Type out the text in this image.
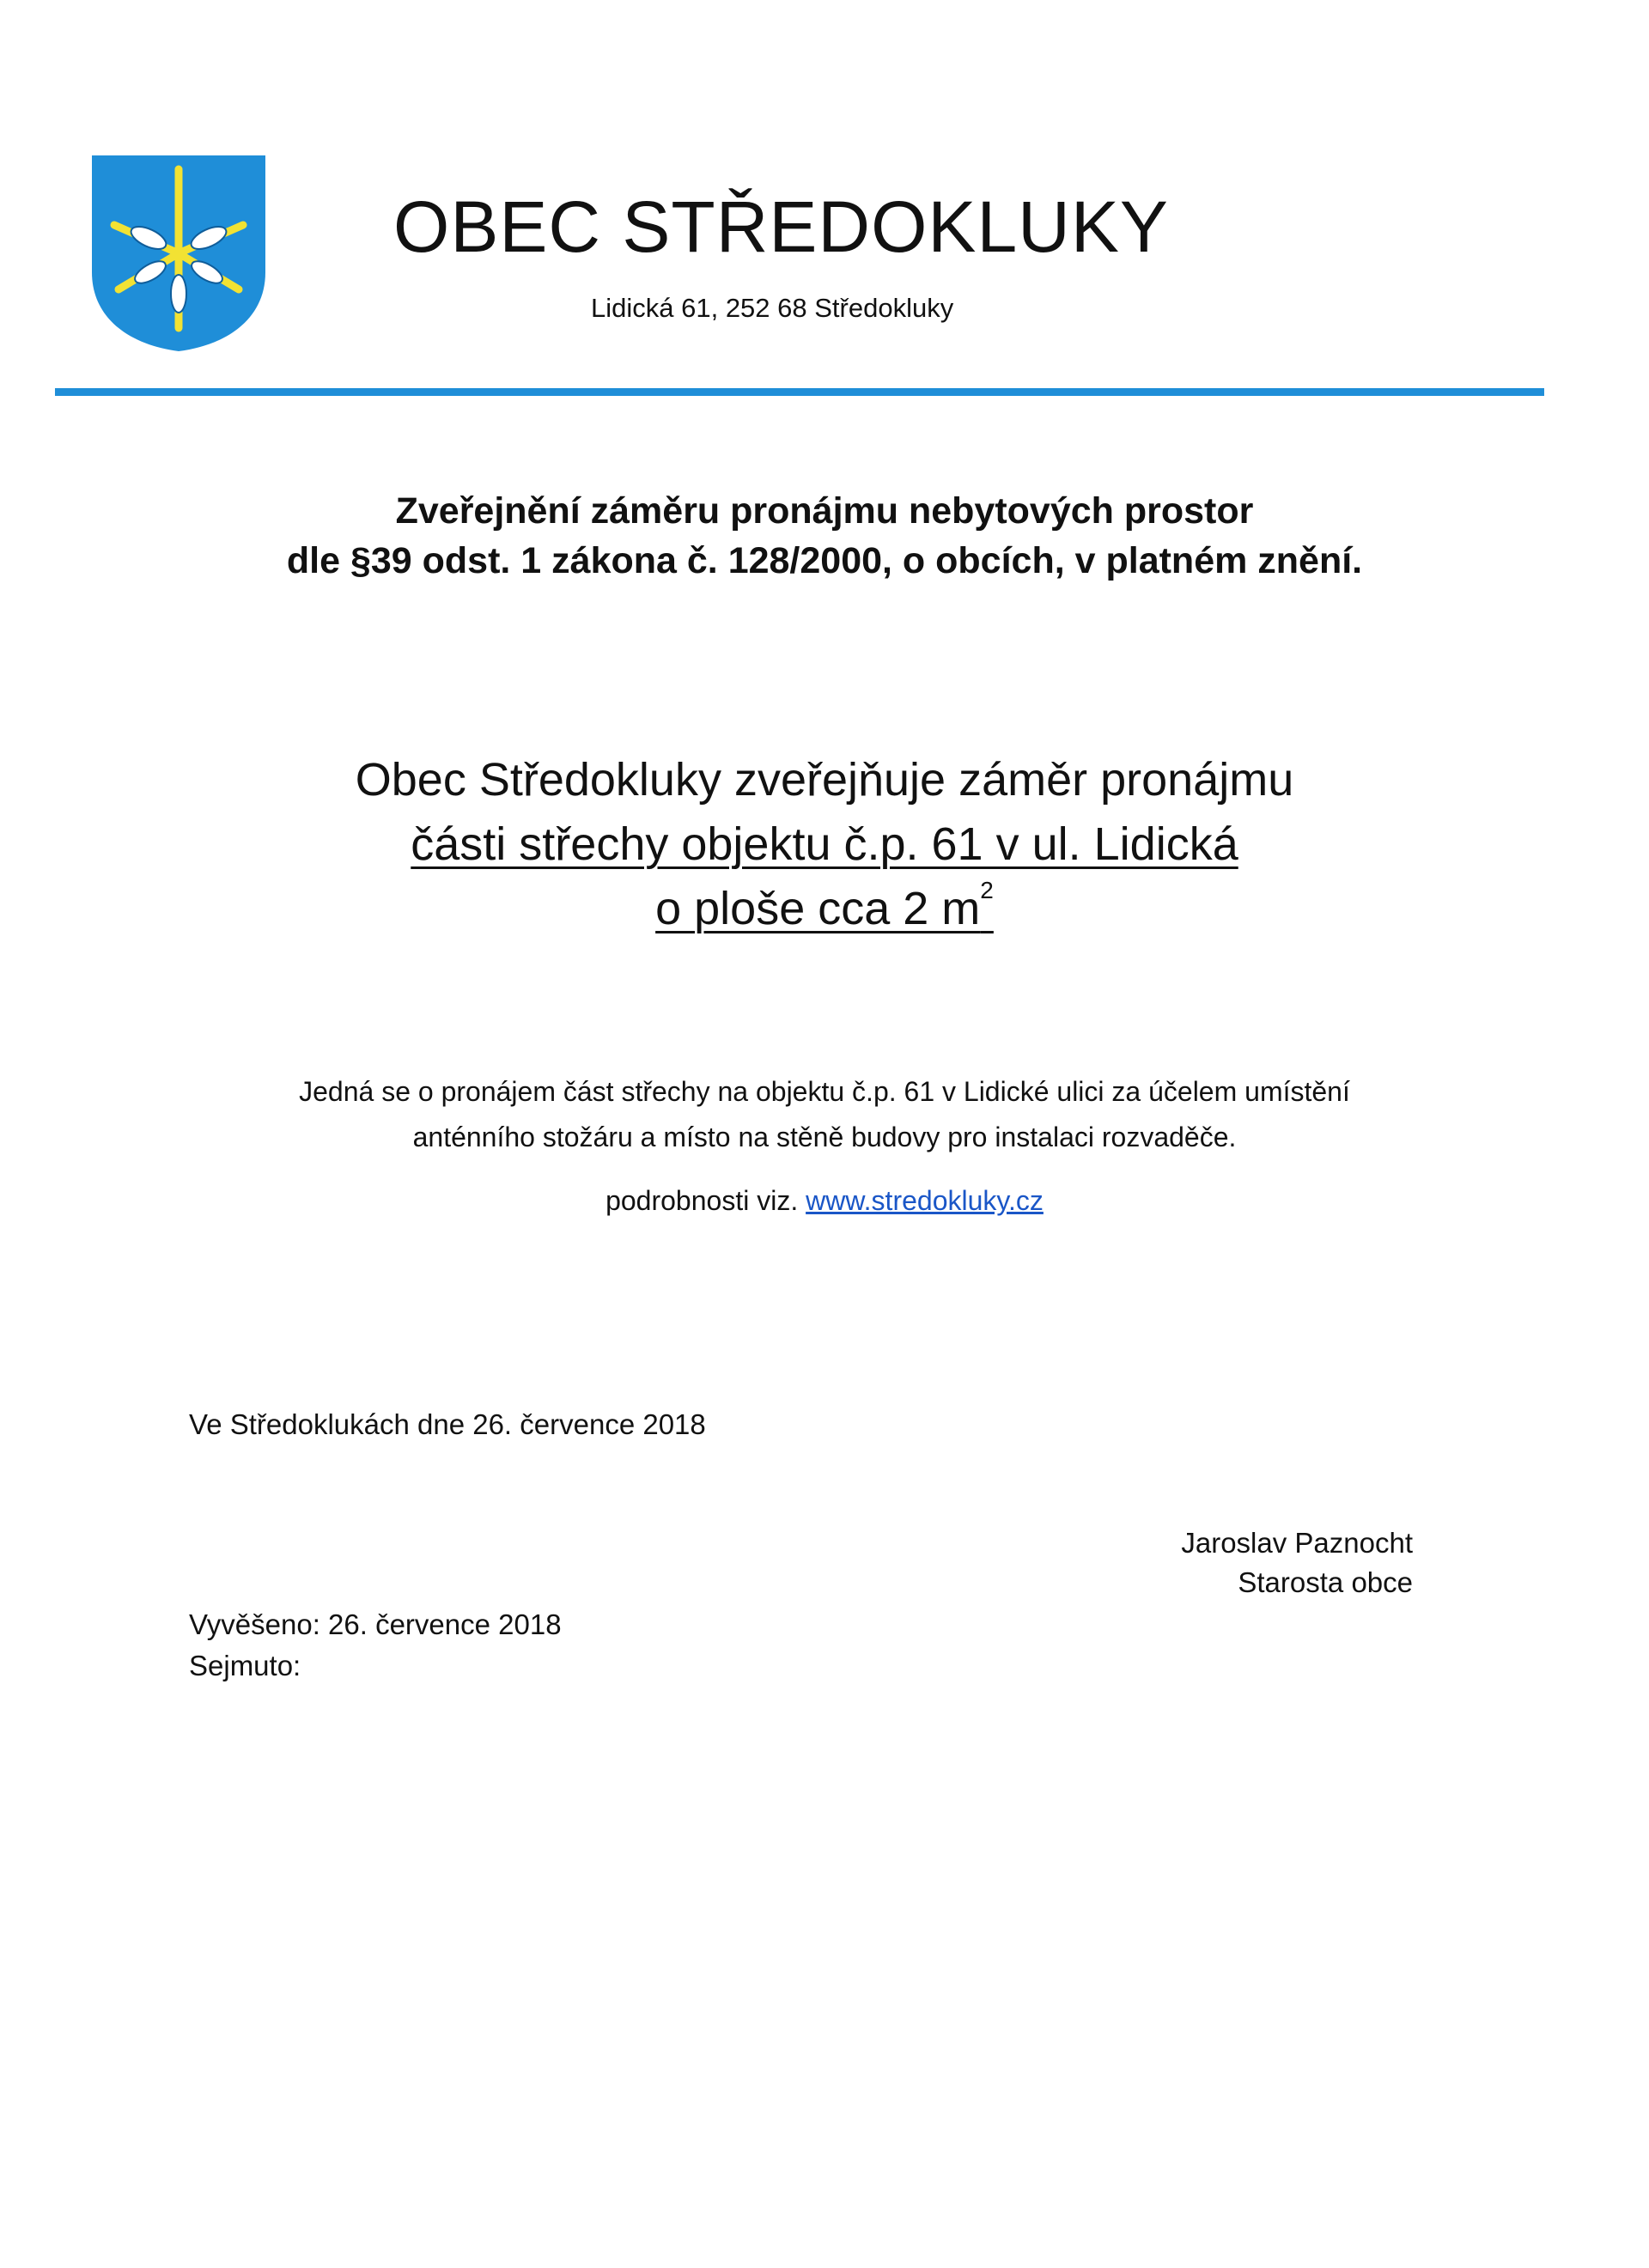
OBEC STŘEDOKLUKY
Lidická 61, 252 68 Středokluky
Zveřejnění záměru pronájmu nebytových prostor
dle §39 odst. 1 zákona č. 128/2000, o obcích, v platném znění.
Obec Středokluky zveřejňuje záměr pronájmu
části střechy objektu č.p. 61 v ul. Lidická
o ploše cca 2 $m^2$
Jedná se o pronájem část střechy na objektu č.p. 61 v Lidické ulici za účelem umístění
anténního stožáru a místo na stěně budovy pro instalaci rozvaděče.
podrobnosti viz. www.stredokluky.cz
Ve Středoklukách dne 26. července 2018
Jaroslav Paznocht
Starosta obce
Vyvěšeno: 26. července 2018
Sejmuto:
